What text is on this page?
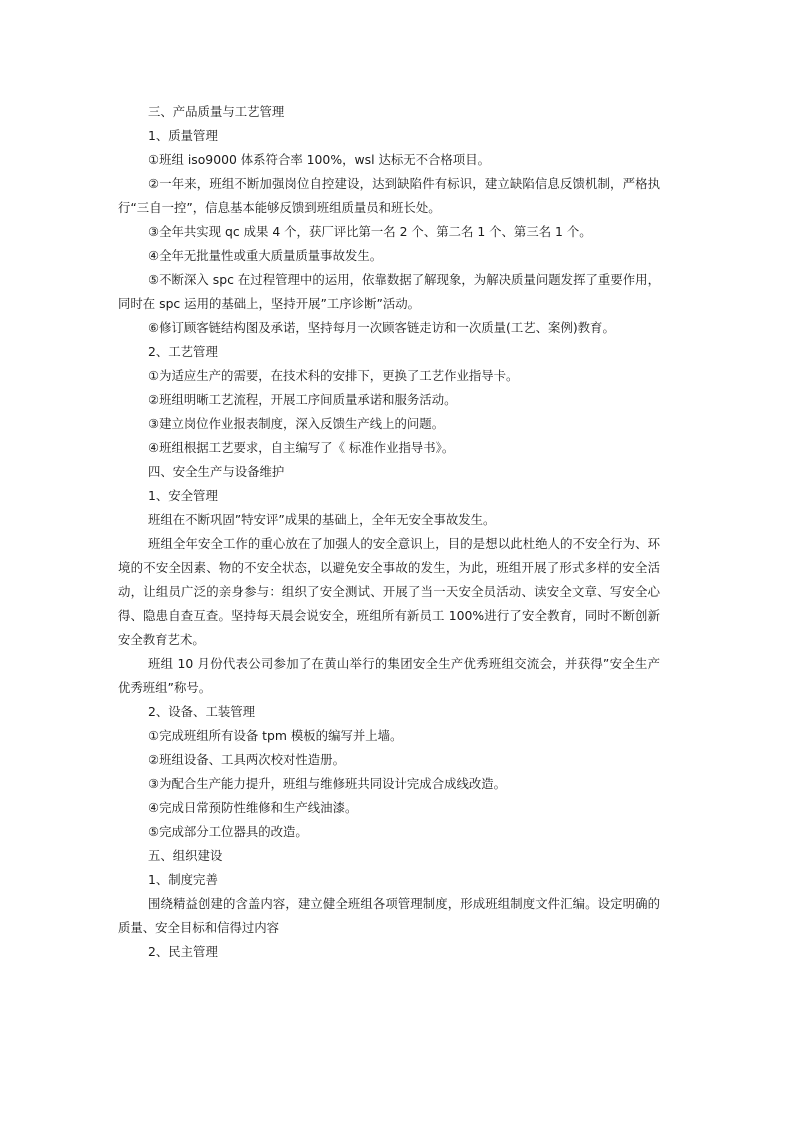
三、产品质量与工艺管理

1、质量管理

①班组 iso9000 体系符合率 100%，wsl 达标无不合格项目。

②一年来，班组不断加强岗位自控建设，达到缺陷件有标识，建立缺陷信息反馈机制，严格执行“三自一控”，信息基本能够反馈到班组质量员和班长处。

③全年共实现 qc 成果 4 个，获厂评比第一名 2 个、第二名 1 个、第三名 1 个。

④全年无批量性或重大质量质量事故发生。

⑤不断深入 spc 在过程管理中的运用，依靠数据了解现象，为解决质量问题发挥了重要作用，同时在 spc 运用的基础上，坚持开展”工序诊断”活动。

⑥修订顾客链结构图及承诺，坚持每月一次顾客链走访和一次质量(工艺、案例)教育。

2、工艺管理

①为适应生产的需要，在技术科的安排下，更换了工艺作业指导卡。

②班组明晰工艺流程，开展工序间质量承诺和服务活动。

③建立岗位作业报表制度，深入反馈生产线上的问题。

④班组根据工艺要求，自主编写了《 标准作业指导书》。

四、安全生产与设备维护

1、安全管理

班组在不断巩固”特安评”成果的基础上，全年无安全事故发生。

班组全年安全工作的重心放在了加强人的安全意识上，目的是想以此杜绝人的不安全行为、环境的不安全因素、物的不安全状态，以避免安全事故的发生，为此，班组开展了形式多样的安全活动，让组员广泛的亲身参与：组织了安全测试、开展了当一天安全员活动、读安全文章、写安全心得、隐患自查互查。坚持每天晨会说安全，班组所有新员工 100%进行了安全教育，同时不断创新安全教育艺术。

班组 10 月份代表公司参加了在黄山举行的集团安全生产优秀班组交流会，并获得”安全生产优秀班组”称号。

2、设备、工装管理

①完成班组所有设备 tpm 模板的编写并上墙。

②班组设备、工具两次校对性造册。

③为配合生产能力提升，班组与维修班共同设计完成合成线改造。

④完成日常预防性维修和生产线油漆。

⑤完成部分工位器具的改造。

五、组织建设

1、制度完善

围绕精益创建的含盖内容，建立健全班组各项管理制度，形成班组制度文件汇编。设定明确的质量、安全目标和信得过内容

2、民主管理
